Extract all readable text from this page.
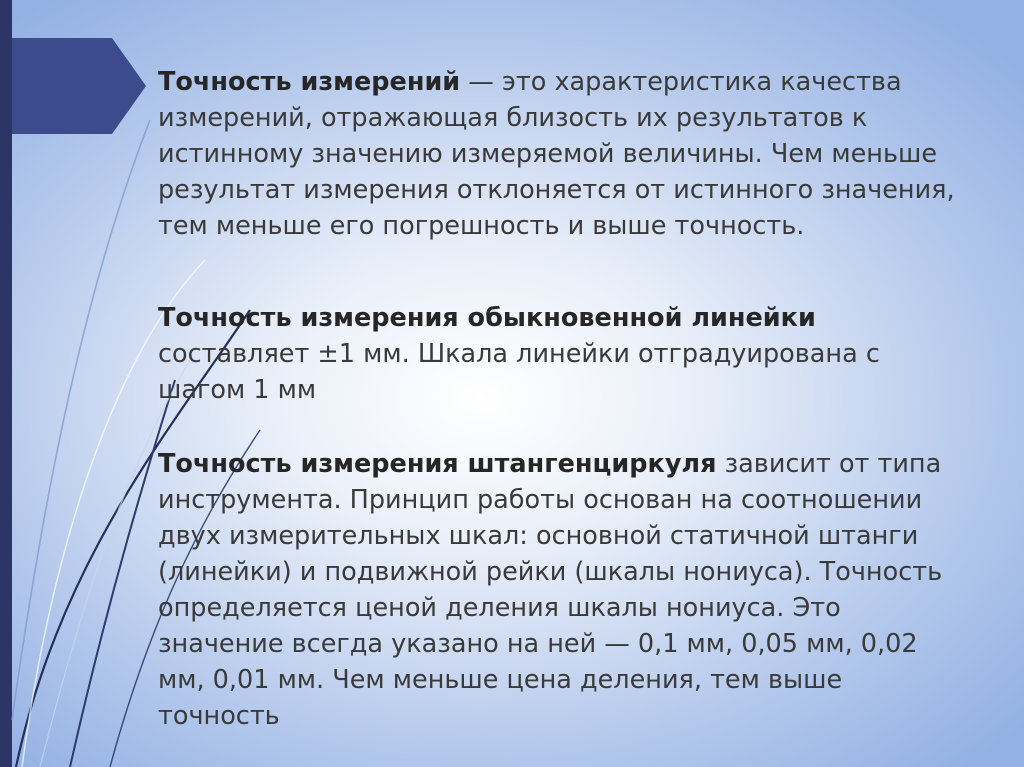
Точность измерений — это характеристика качества измерений, отражающая близость их результатов к истинному значению измеряемой величины. Чем меньше результат измерения отклоняется от истинного значения, тем меньше его погрешность и выше точность.

Точность измерения обыкновенной линейки составляет ±1 мм. Шкала линейки отградуирована с шагом 1 мм

Точность измерения штангенциркуля зависит от типа инструмента. Принцип работы основан на соотношении двух измерительных шкал: основной статичной штанги (линейки) и подвижной рейки (шкалы нониуса). Точность определяется ценой деления шкалы нониуса. Это значение всегда указано на ней — 0,1 мм, 0,05 мм, 0,02 мм, 0,01 мм. Чем меньше цена деления, тем выше точность
